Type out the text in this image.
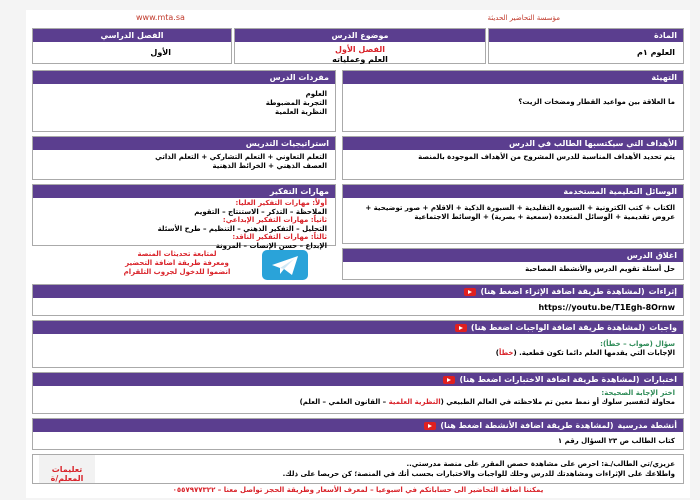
مؤسسة التحاضير الحديثة
www.mta.sa
المادة
العلوم ١م
موضوع الدرس
الفصل الأول
العلم وعملياته
الفصل الدراسي
الأول
التهيئة
ما العلاقة بين مواعيد القطار ومضخات الزيت؟
مفردات الدرس
العلوم
التجربة المضبوطة
النظرية العلمية
الأهداف التي سيكتسبها الطالب في الدرس
يتم تحديد الأهداف المناسبة للدرس المشروح من الأهداف الموجودة بالمنصة
استراتيجيات التدريس
التعلم التعاوني + التعلم التشاركي + التعلم الذاتي
العصف الذهني + الخرائط الذهنية
الوسائل التعليمية المستخدمة
الكتاب + كتب الكترونية + السبورة التقليدية + السبورة الذكية + الاقلام + صور توضيحية + عروض تقديمية + الوسائل المتعددة (سمعية + بصرية) + الوسائط الاجتماعية
مهارات التفكير
أولاً: مهارات التفكير العليا:
الملاحظة – التذكر – الاستنتاج – التقويم
ثانياً: مهارات التفكير الإبداعي:
التحليل – التفكير الذهني – التنظيم – طرح الأسئلة
ثالثاً: مهارات التفكير الناقد:
الإبداع – حسن الإنصات – المرونة
اغلاق الدرس
حل أسئلة تقويم الدرس والأنشطة المصاحبة
لمتابعة تحديثات المنصة
ومعرفة طريقة اضافة التحضير
انضموا للدخول لجروب التلقرام
إثراءات
(لمشاهدة طريقة اضافة الإثراء اضغط هنا)
https://youtu.be/T1Egh-8Ornw
واجبات
(لمشاهدة طريقة اضافة الواجبات اضغط هنا)
سؤال (صواب – خطأ):
الإجابات التي يقدمها العلم دائما تكون قطعية. (خطأ)
اختبارات
(لمشاهدة طريقة اضافة الاختبارات اضغط هنا)
اختر الإجابة الصحيحة:
محاولة لتفسير سلوك أو نمط معين تم ملاحظته في العالم الطبيعي (النظرية العلمية – القانون العلمي – العلم)
أنشطة مدرسية
(لمشاهدة طريقة اضافة الأنشطة اضغط هنا)
كتاب الطالب ص ٢٣ السؤال رقم ١
عزيزي/تي الطالب/ـة: احرص على مشاهدة حصص المقرر على منصة مدرستي..
واطلاعك على الإثراءات ومشاهدتك للدرس وحلك للواجبات والاختبارات بحسب أنك في المنصة؛ كن حريصا على ذلك.
تعليمات المعلم/ة
يمكننا اضافة التحاضير الى حساباتكم في اسبوعيا – لمعرف الأسعار وطريقة الحجز تواصل معنا – ٠٥٥٧٩٧٧٣٢٢
